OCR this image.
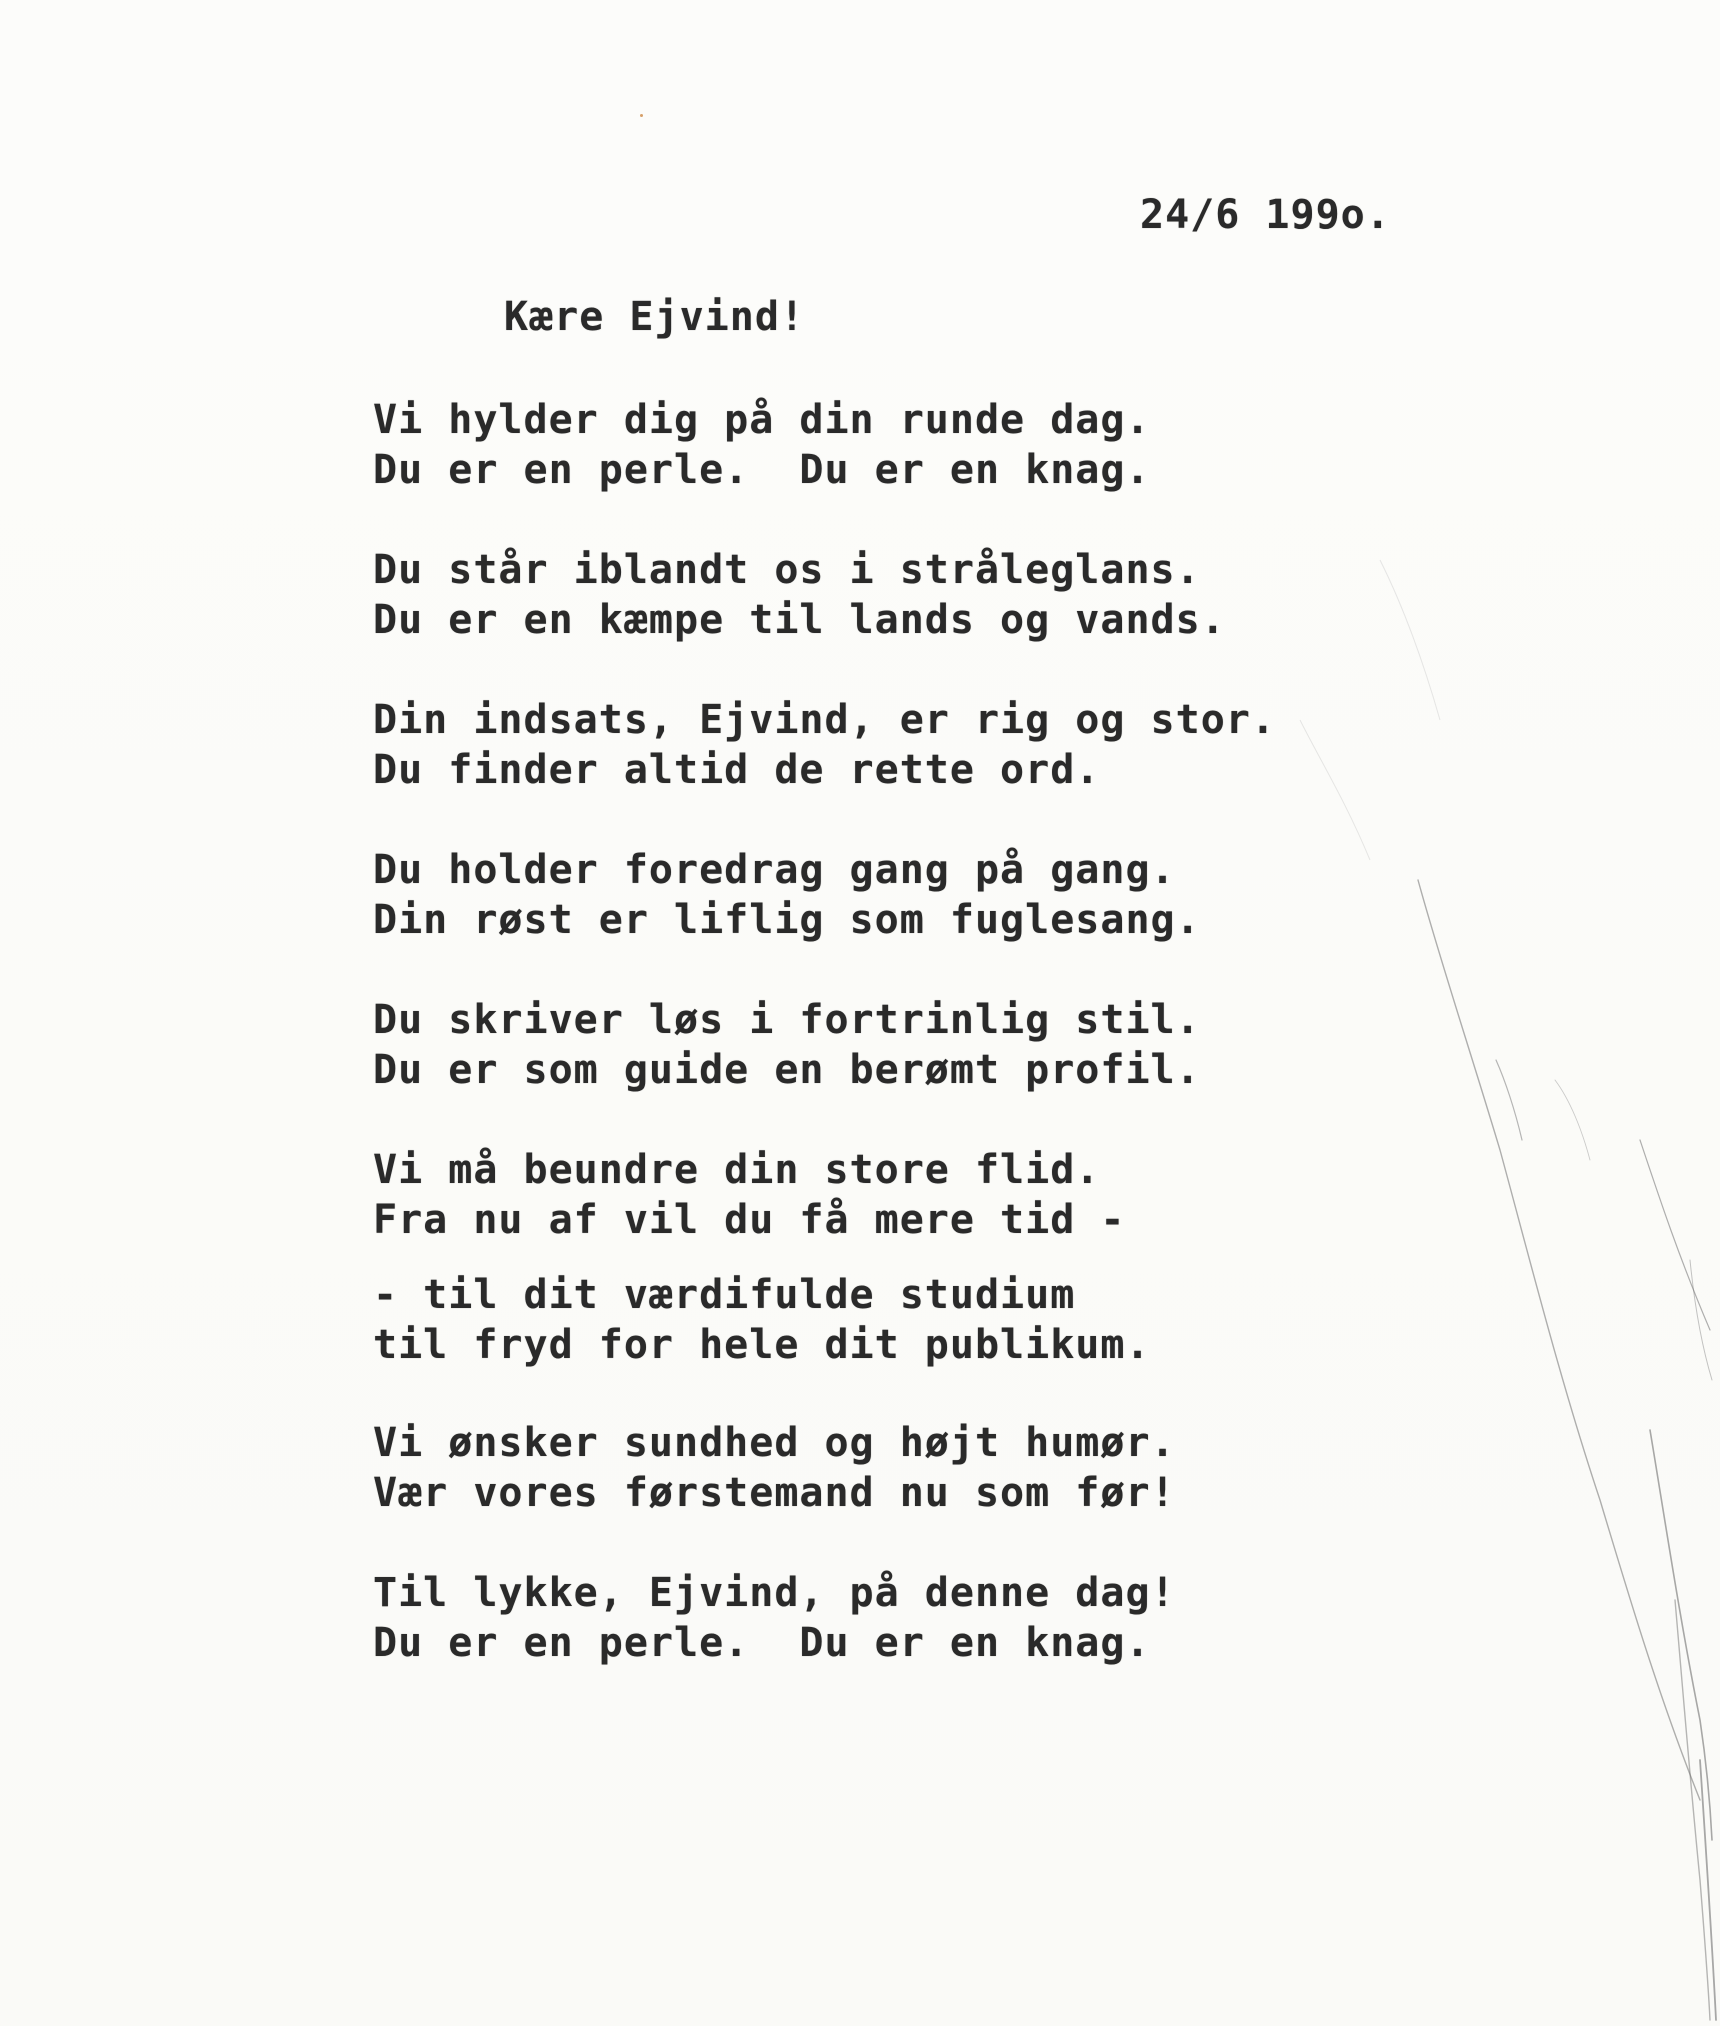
24/6 199o.
Kære Ejvind!
Vi hylder dig på din runde dag.
Du er en perle.  Du er en knag.
Du står iblandt os i stråleglans.
Du er en kæmpe til lands og vands.
Din indsats, Ejvind, er rig og stor.
Du finder altid de rette ord.
Du holder foredrag gang på gang.
Din røst er liflig som fuglesang.
Du skriver løs i fortrinlig stil.
Du er som guide en berømt profil.
Vi må beundre din store flid.
Fra nu af vil du få mere tid -
- til dit værdifulde studium
til fryd for hele dit publikum.
Vi ønsker sundhed og højt humør.
Vær vores førstemand nu som før!
Til lykke, Ejvind, på denne dag!
Du er en perle.  Du er en knag.
